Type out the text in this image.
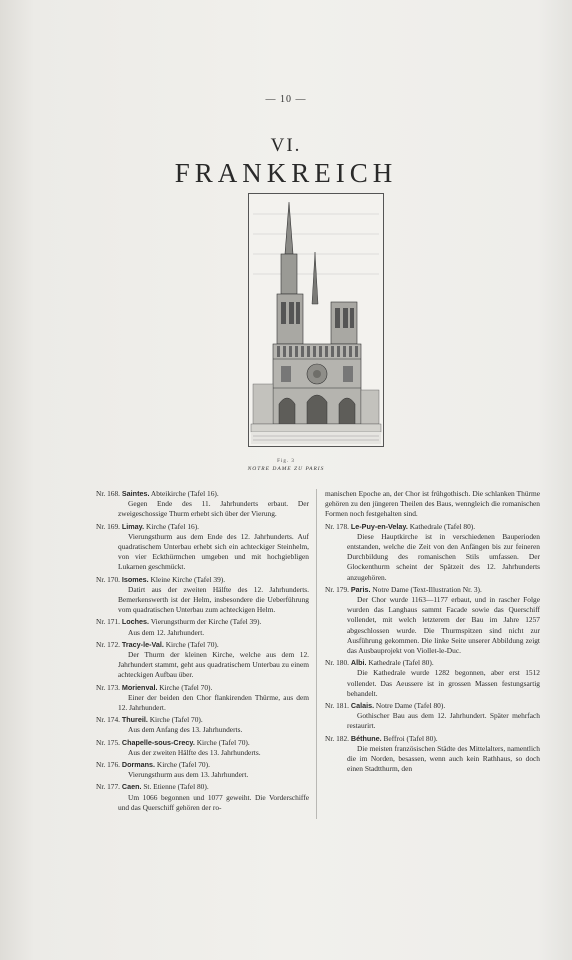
— 10 —
VI.
FRANKREICH
Fig. 3
NOTRE DAME ZU PARIS
Nr. 168. Saintes. Abteikirche (Tafel 16).
Gegen Ende des 11. Jahrhunderts erbaut. Der zweigeschossige Thurm erhebt sich über der Vierung.
Nr. 169. Limay. Kirche (Tafel 16).
Vierungsthurm aus dem Ende des 12. Jahrhunderts. Auf quadratischem Unterbau erhebt sich ein achteckiger Steinhelm, von vier Eckthürmchen umgeben und mit hochgiebligen Lukarnen geschmückt.
Nr. 170. Isomes. Kleine Kirche (Tafel 39).
Datirt aus der zweiten Hälfte des 12. Jahrhunderts. Bemerkenswerth ist der Helm, insbesondere die Ueberführung vom quadratischen Unterbau zum achteckigen Helm.
Nr. 171. Loches. Vierungsthurm der Kirche (Tafel 39).
Aus dem 12. Jahrhundert.
Nr. 172. Tracy-le-Val. Kirche (Tafel 70).
Der Thurm der kleinen Kirche, welche aus dem 12. Jahrhundert stammt, geht aus quadratischem Unterbau zu einem achteckigen Aufbau über.
Nr. 173. Morienval. Kirche (Tafel 70).
Einer der beiden den Chor flankirenden Thürme, aus dem 12. Jahrhundert.
Nr. 174. Thureil. Kirche (Tafel 70).
Aus dem Anfang des 13. Jahrhunderts.
Nr. 175. Chapelle-sous-Crecy. Kirche (Tafel 70).
Aus der zweiten Hälfte des 13. Jahrhunderts.
Nr. 176. Dormans. Kirche (Tafel 70).
Vierungsthurm aus dem 13. Jahrhundert.
Nr. 177. Caen. St. Etienne (Tafel 80).
Um 1066 begonnen und 1077 geweiht. Die Vorderschiffe und das Querschiff gehören der ro-
manischen Epoche an, der Chor ist frühgothisch. Die schlanken Thürme gehören zu den jüngeren Theilen des Baus, wenngleich die romanischen Formen noch festgehalten sind.
Nr. 178. Le-Puy-en-Velay. Kathedrale (Tafel 80).
Diese Hauptkirche ist in verschiedenen Bauperioden entstanden, welche die Zeit von den Anfängen bis zur feineren Durchbildung des romanischen Stils umfassen. Der Glockenthurm scheint der Spätzeit des 12. Jahrhunderts anzugehören.
Nr. 179. Paris. Notre Dame (Text-Illustration Nr. 3).
Der Chor wurde 1163—1177 erbaut, und in rascher Folge wurden das Langhaus sammt Facade sowie das Querschiff vollendet, mit welch letzterem der Bau im Jahre 1257 abgeschlossen wurde. Die Thurmspitzen sind nicht zur Ausführung gekommen. Die linke Seite unserer Abbildung zeigt das Ausbauprojekt von Viollet-le-Duc.
Nr. 180. Albi. Kathedrale (Tafel 80).
Die Kathedrale wurde 1282 begonnen, aber erst 1512 vollendet. Das Aeussere ist in grossen Massen festungsartig behandelt.
Nr. 181. Calais. Notre Dame (Tafel 80).
Gothischer Bau aus dem 12. Jahrhundert. Später mehrfach restaurirt.
Nr. 182. Béthune. Beffroi (Tafel 80).
Die meisten französischen Städte des Mittelalters, namentlich die im Norden, besassen, wenn auch kein Rathhaus, so doch einen Stadtthurm, den
